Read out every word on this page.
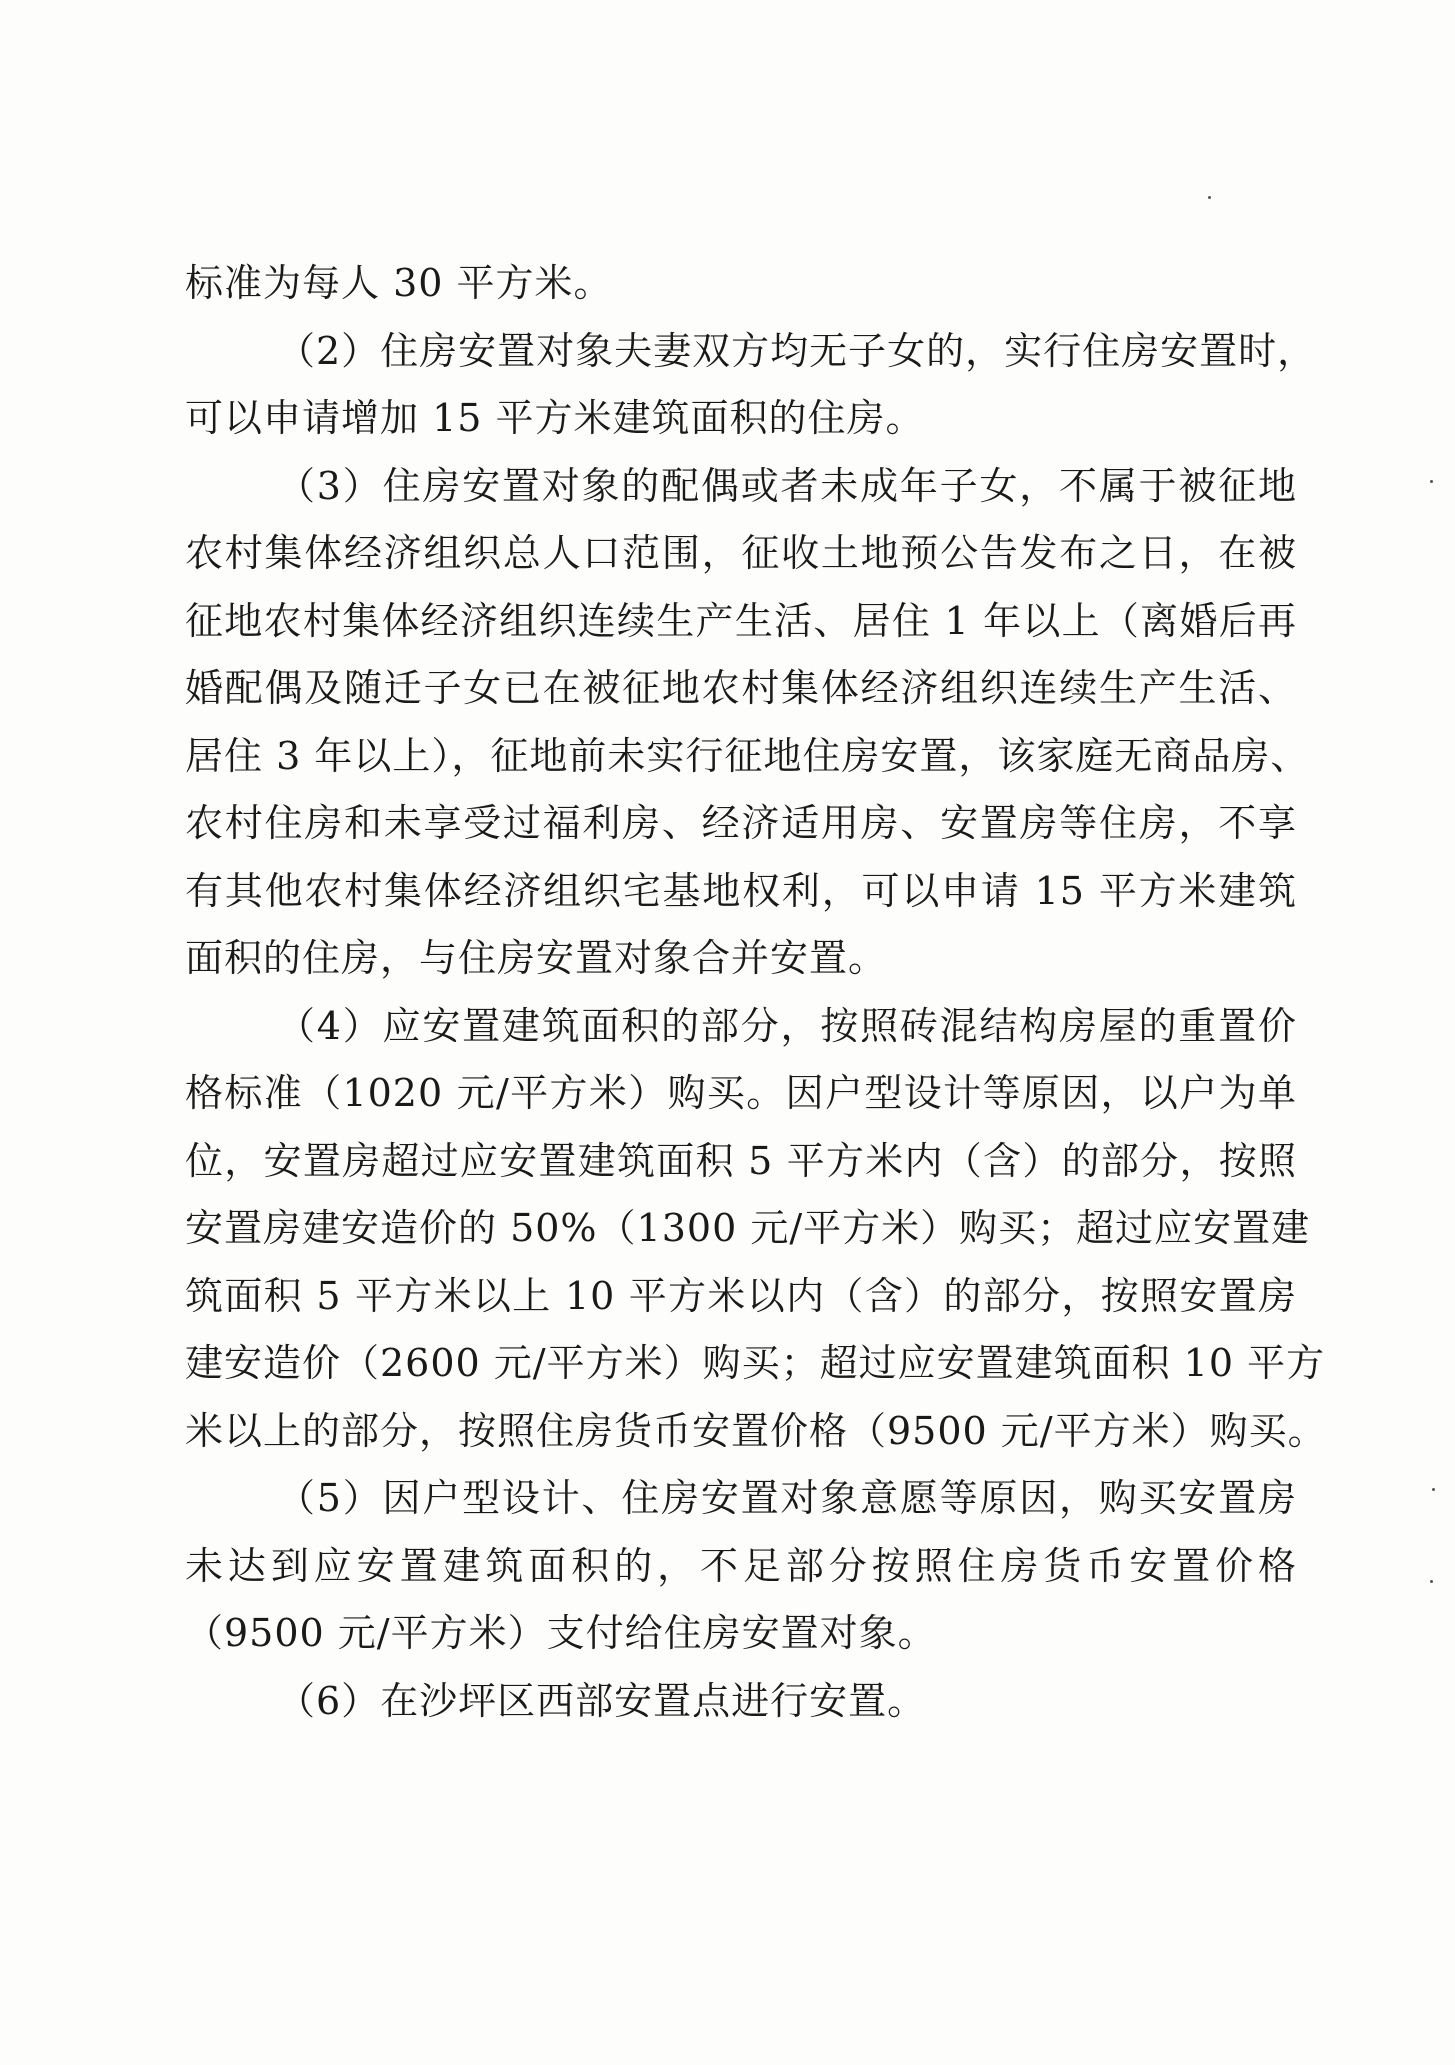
标准为每人 30 平方米。
（2）住房安置对象夫妻双方均无子女的，实行住房安置时，
可以申请增加 15 平方米建筑面积的住房。
（3）住房安置对象的配偶或者未成年子女，不属于被征地
农村集体经济组织总人口范围，征收土地预公告发布之日，在被
征地农村集体经济组织连续生产生活、居住 1 年以上（离婚后再
婚配偶及随迁子女已在被征地农村集体经济组织连续生产生活、
居住 3 年以上），征地前未实行征地住房安置，该家庭无商品房、
农村住房和未享受过福利房、经济适用房、安置房等住房，不享
有其他农村集体经济组织宅基地权利，可以申请 15 平方米建筑
面积的住房，与住房安置对象合并安置。
（4）应安置建筑面积的部分，按照砖混结构房屋的重置价
格标准（1020 元/平方米）购买。因户型设计等原因，以户为单
位，安置房超过应安置建筑面积 5 平方米内（含）的部分，按照
安置房建安造价的 50%（1300 元/平方米）购买；超过应安置建
筑面积 5 平方米以上 10 平方米以内（含）的部分，按照安置房
建安造价（2600 元/平方米）购买；超过应安置建筑面积 10 平方
米以上的部分，按照住房货币安置价格（9500 元/平方米）购买。
（5）因户型设计、住房安置对象意愿等原因，购买安置房
未达到应安置建筑面积的，不足部分按照住房货币安置价格
（9500 元/平方米）支付给住房安置对象。
（6）在沙坪区西部安置点进行安置。
